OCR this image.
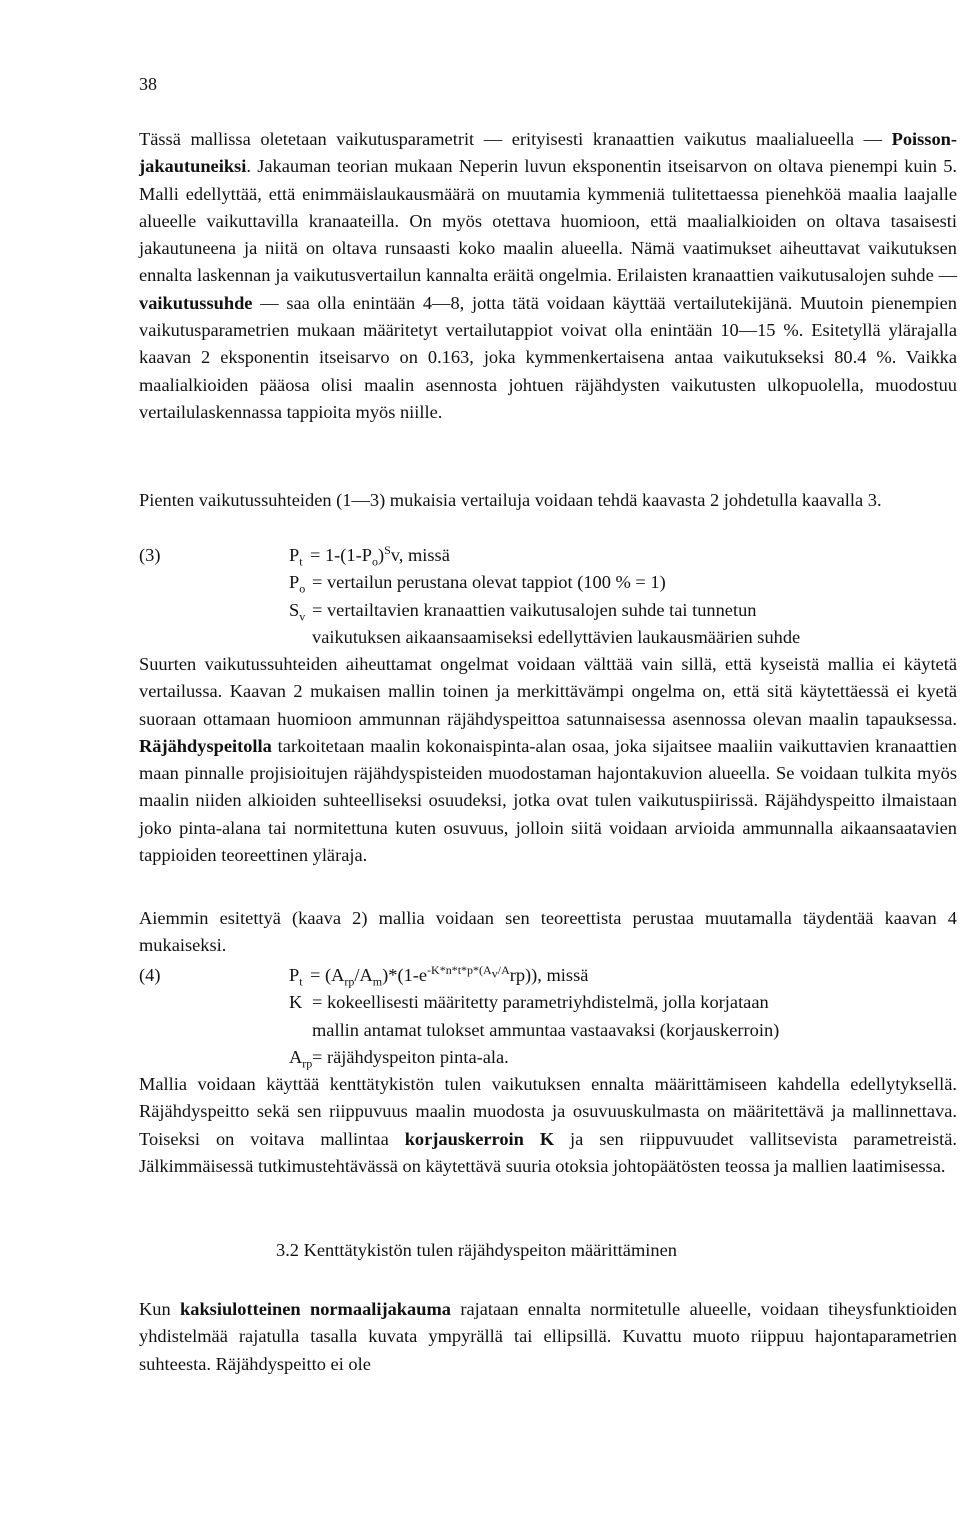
38
Tässä mallissa oletetaan vaikutusparametrit — erityisesti kranaattien vaikutus maalialueella — Poisson-jakautuneiksi. Jakauman teorian mukaan Neperin luvun eksponentin itseisarvon on oltava pienempi kuin 5. Malli edellyttää, että enimmäislaukausmäärä on muutamia kymmeniä tulitettaessa pienehköä maalia laajalle alueelle vaikuttavilla kranaateilla. On myös otettava huomioon, että maalialkioiden on oltava tasaisesti jakautuneena ja niitä on oltava runsaasti koko maalin alueella. Nämä vaatimukset aiheuttavat vaikutuksen ennalta laskennan ja vaikutusvertailun kannalta eräitä ongelmia. Erilaisten kranaattien vaikutusalojen suhde — vaikutussuhde — saa olla enintään 4—8, jotta tätä voidaan käyttää vertailutekijänä. Muutoin pienempien vaikutusparametrien mukaan määritetyt vertailutappiot voivat olla enintään 10—15 %. Esitetyllä ylärajalla kaavan 2 eksponentin itseisarvo on 0.163, joka kymmenkertaisena antaa vaikutukseksi 80.4 %. Vaikka maalialkioiden pääosa olisi maalin asennosta johtuen räjähdysten vaikutusten ulkopuolella, muodostuu vertailulaskennassa tappioita myös niille.
Pienten vaikutussuhteiden (1—3) mukaisia vertailuja voidaan tehdä kaavasta 2 johdetulla kaavalla 3.
(3)	$P_t = 1-(1-P_o)^Sv$, missä
$P_o$ = vertailun perustana olevat tappiot (100 % = 1)
$S_v$ = vertailtavien kranaattien vaikutusalojen suhde tai tunnetun
vaikutuksen aikaansaamiseksi edellyttävien laukausmäärien suhde
Suurten vaikutussuhteiden aiheuttamat ongelmat voidaan välttää vain sillä, että kyseistä mallia ei käytetä vertailussa. Kaavan 2 mukaisen mallin toinen ja merkittävämpi ongelma on, että sitä käytettäessä ei kyetä suoraan ottamaan huomioon ammunnan räjähdyspeittoa satunnaisessa asennossa olevan maalin tapauksessa. Räjähdyspeitolla tarkoitetaan maalin kokonaispinta-alan osaa, joka sijaitsee maaliin vaikuttavien kranaattien maan pinnalle projisioitujen räjähdyspisteiden muodostaman hajontakuvion alueella. Se voidaan tulkita myös maalin niiden alkioiden suhteelliseksi osuudeksi, jotka ovat tulen vaikutuspiirissä. Räjähdyspeitto ilmaistaan joko pinta-alana tai normitettuna kuten osuvuus, jolloin siitä voidaan arvioida ammunnalla aikaansaatavien tappioiden teoreettinen yläraja.
Aiemmin esitettyä (kaava 2) mallia voidaan sen teoreettista perustaa muutamalla täydentää kaavan 4 mukaiseksi.
(4)	$P_t = (A_{rp}/A_m)*(1-e^{-K*n*t*p*(A_v/A}rp)$), missä
K = kokeellisesti määritetty parametriyhdistelmä, jolla korjataan
mallin antamat tulokset ammuntaa vastaavaksi (korjauskerroin)
$A_{rp}$ = räjähdyspeiton pinta-ala.
Mallia voidaan käyttää kenttätykistön tulen vaikutuksen ennalta määrittämiseen kahdella edellytyksellä. Räjähdyspeitto sekä sen riippuvuus maalin muodosta ja osuvuuskulmasta on määritettävä ja mallinnettava. Toiseksi on voitava mallintaa korjauskerroin K ja sen riippuvuudet vallitsevista parametreistä. Jälkimmäisessä tutkimustehtävässä on käytettävä suuria otoksia johtopäätösten teossa ja mallien laatimisessa.
3.2 Kenttätykistön tulen räjähdyspeiton määrittäminen
Kun kaksiulotteinen normaalijakauma rajataan ennalta normitetulle alueelle, voidaan tiheysfunktioiden yhdistelmää rajatulla tasalla kuvata ympyrällä tai ellipsillä. Kuvattu muoto riippuu hajontaparametrien suhteesta. Räjähdyspeitto ei ole
